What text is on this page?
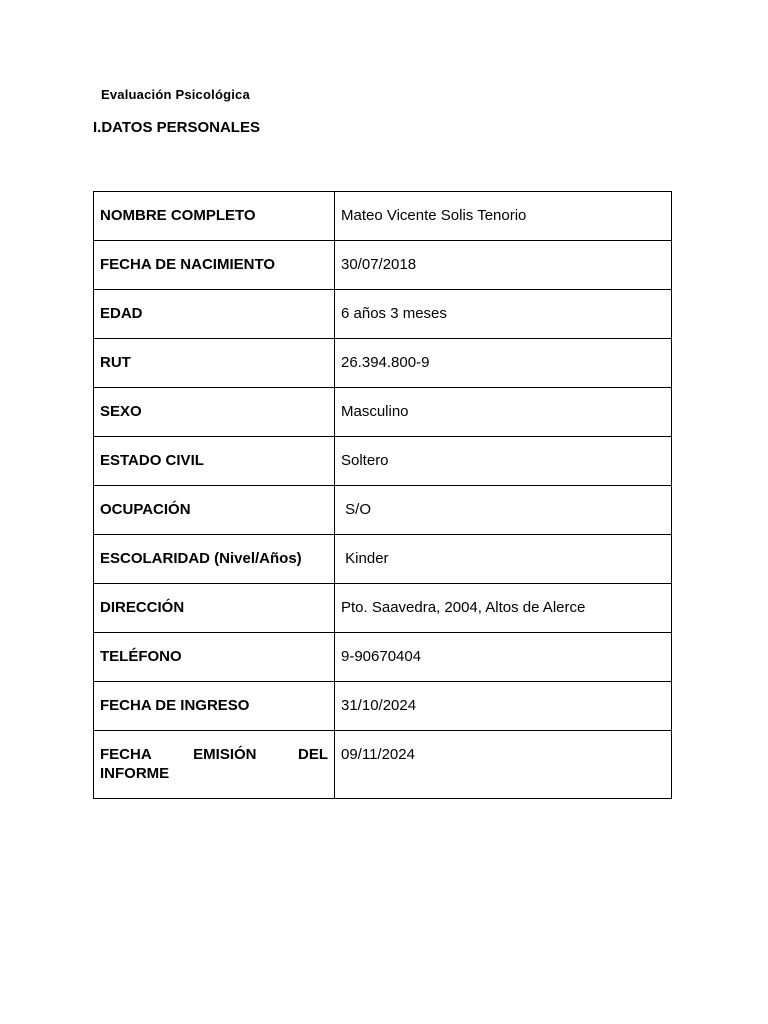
Evaluación Psicológica
I.DATOS PERSONALES
NOMBRE COMPLETO	Mateo Vicente Solis Tenorio
FECHA DE NACIMIENTO	30/07/2018
EDAD	6 años 3 meses
RUT	26.394.800-9
SEXO	Masculino
ESTADO CIVIL	Soltero
OCUPACIÓN	S/O
ESCOLARIDAD (Nivel/Años)	Kinder
DIRECCIÓN	Pto. Saavedra, 2004, Altos de Alerce
TELÉFONO	9-90670404
FECHA DE INGRESO	31/10/2024

FECHA EMISIÓN DEL
INFORME	09/11/2024
